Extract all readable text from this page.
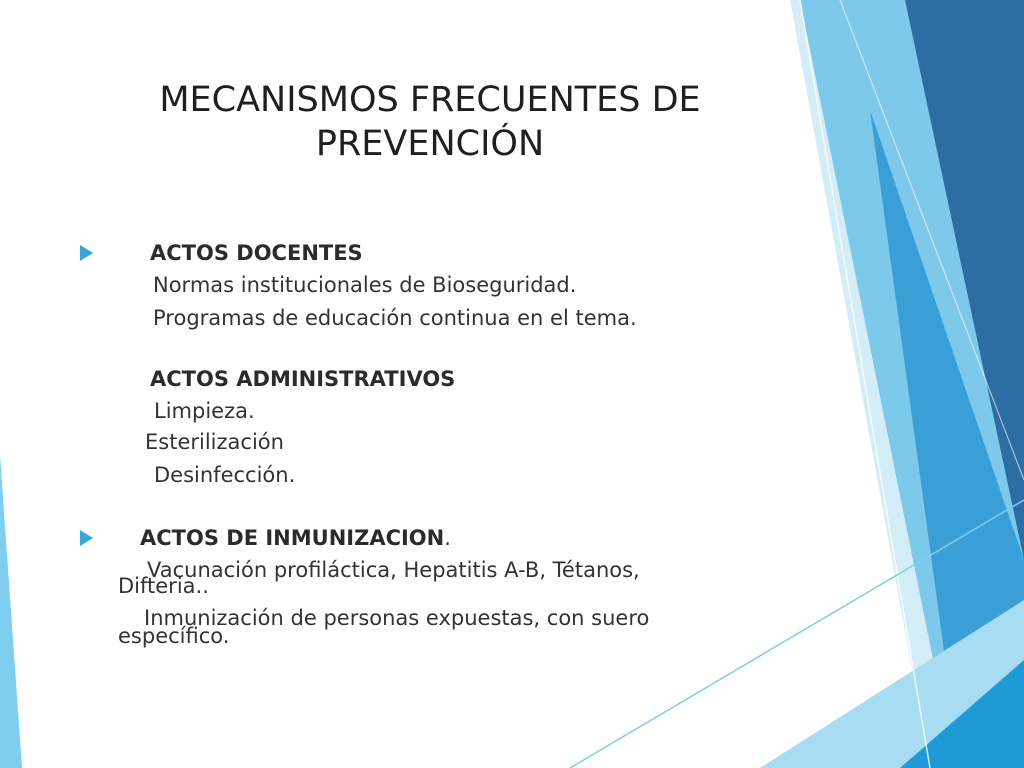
MECANISMOS FRECUENTES DE
PREVENCIÓN
ACTOS DOCENTES
Normas institucionales de Bioseguridad.
Programas de educación continua en el tema.
ACTOS ADMINISTRATIVOS
Limpieza.
Esterilización
Desinfección.
ACTOS DE INMUNIZACION.
Vacunación profiláctica, Hepatitis A-B, Tétanos,
Difteria..
Inmunización de personas expuestas, con suero
específico.
